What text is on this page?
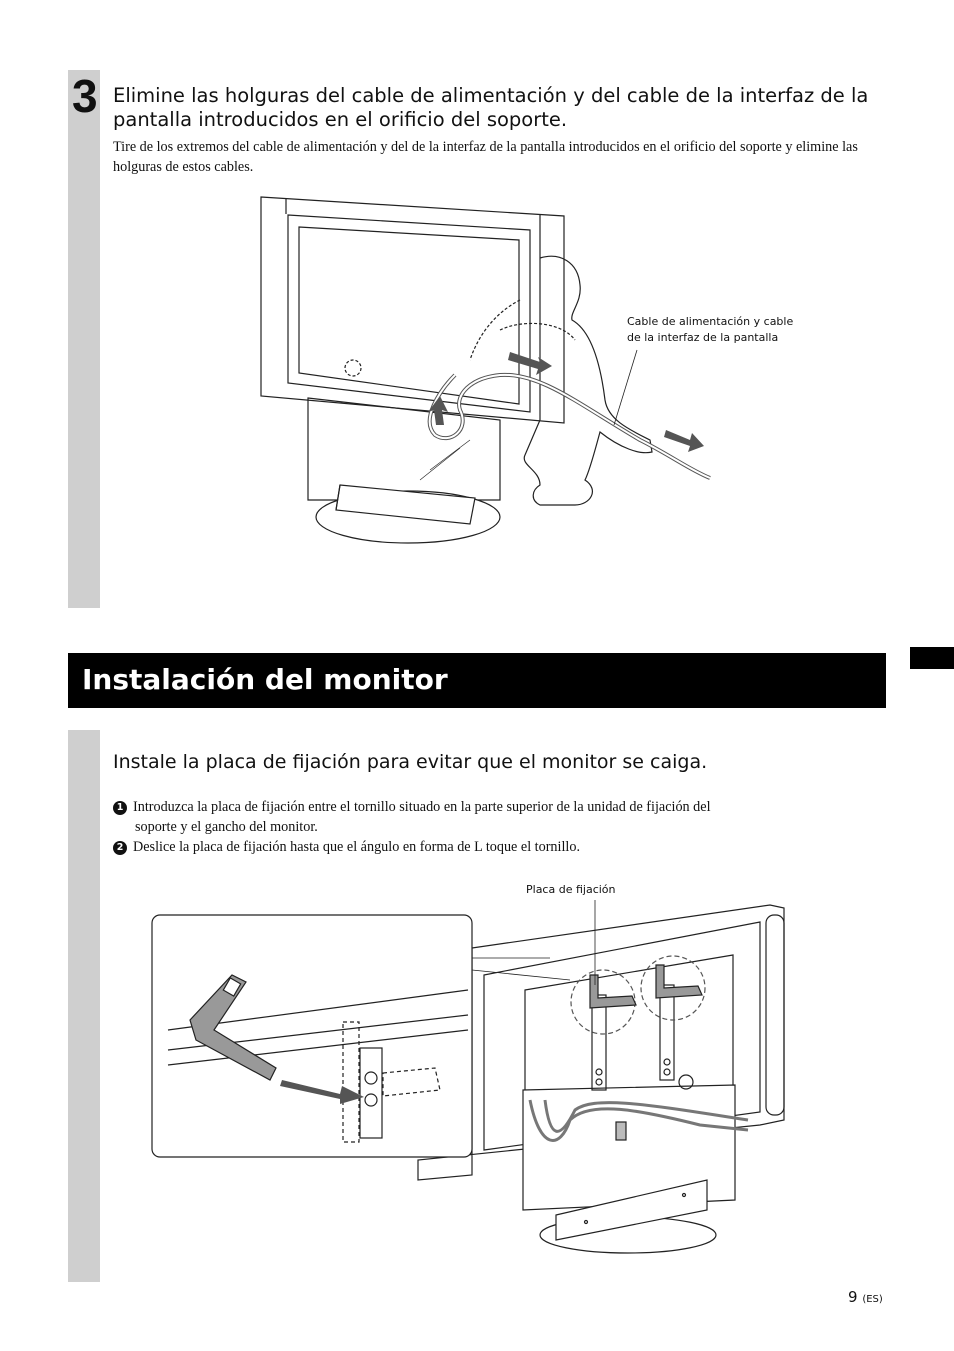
3 Elimine las holguras del cable de alimentación y del cable de la interfaz de la pantalla introducidos en el orificio del soporte.
Tire de los extremos del cable de alimentación y del de la interfaz de la pantalla introducidos en el orificio del soporte y elimine las holguras de estos cables.
Cable de alimentación y cable
de la interfaz de la pantalla
Instalación del monitor
Instale la placa de fijación para evitar que el monitor se caiga.
1 Introduzca la placa de fijación entre el tornillo situado en la parte superior de la unidad de fijación del
soporte y el gancho del monitor.
2 Deslice la placa de fijación hasta que el ángulo en forma de L toque el tornillo.
Placa de fijación
9 (ES)
